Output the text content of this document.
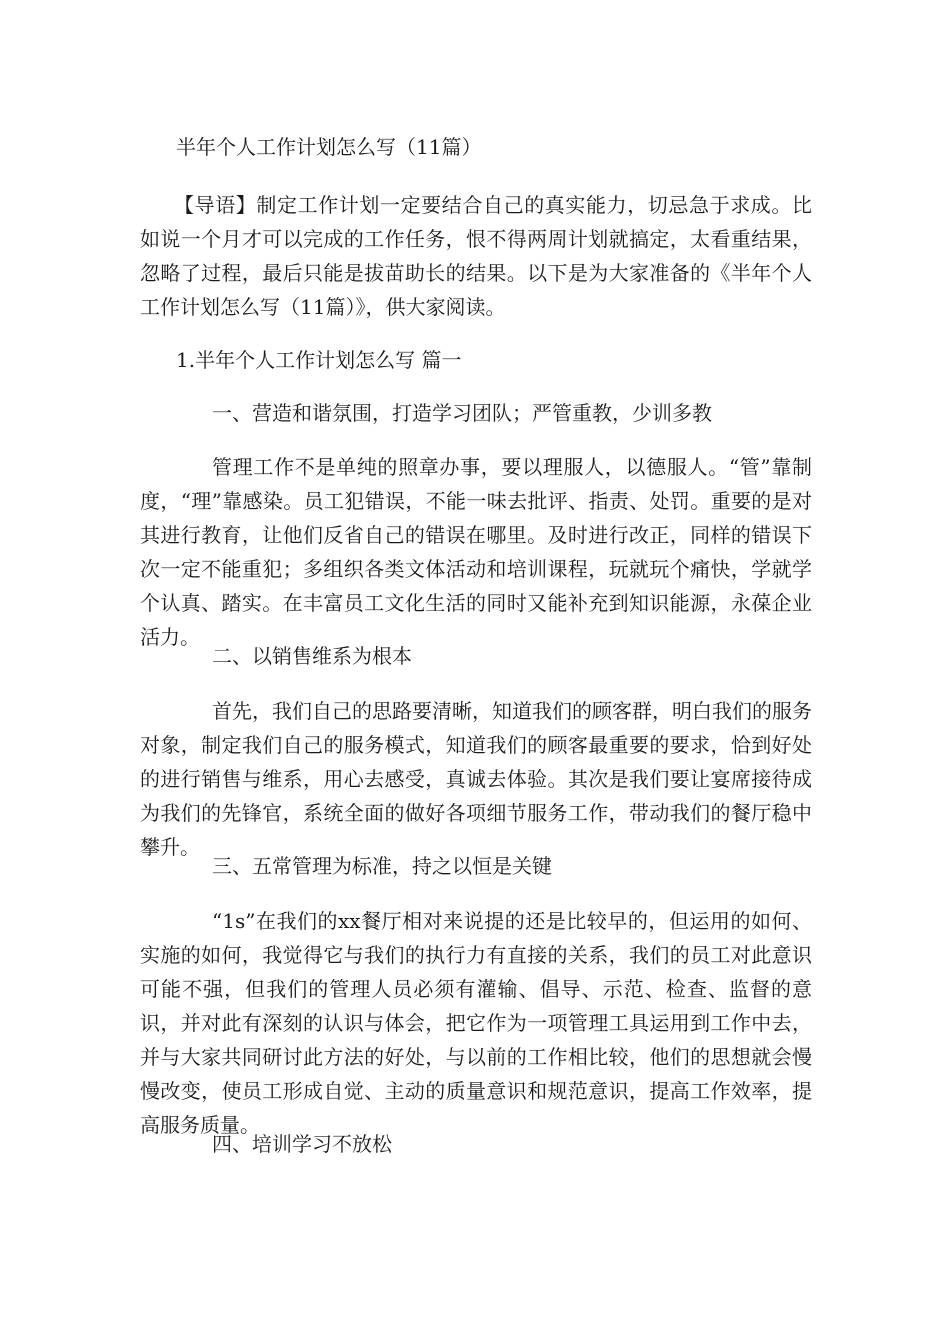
半年个人工作计划怎么写（11篇）
【导语】制定工作计划一定要结合自己的真实能力，切忌急于求成。比如说一个月才可以完成的工作任务，恨不得两周计划就搞定，太看重结果，忽略了过程，最后只能是拔苗助长的结果。以下是为大家准备的《半年个人工作计划怎么写（11篇）》，供大家阅读。
1.半年个人工作计划怎么写 篇一
一、营造和谐氛围，打造学习团队；严管重教，少训多教
管理工作不是单纯的照章办事，要以理服人，以德服人。“管”靠制度，“理”靠感染。员工犯错误，不能一味去批评、指责、处罚。重要的是对其进行教育，让他们反省自己的错误在哪里。及时进行改正，同样的错误下次一定不能重犯；多组织各类文体活动和培训课程，玩就玩个痛快，学就学个认真、踏实。在丰富员工文化生活的同时又能补充到知识能源，永葆企业活力。
二、以销售维系为根本
首先，我们自己的思路要清晰，知道我们的顾客群，明白我们的服务对象，制定我们自己的服务模式，知道我们的顾客最重要的要求，恰到好处的进行销售与维系，用心去感受，真诚去体验。其次是我们要让宴席接待成为我们的先锋官，系统全面的做好各项细节服务工作，带动我们的餐厅稳中攀升。
三、五常管理为标准，持之以恒是关键
“1s”在我们的xx餐厅相对来说提的还是比较早的，但运用的如何、实施的如何，我觉得它与我们的执行力有直接的关系，我们的员工对此意识可能不强，但我们的管理人员必须有灌输、倡导、示范、检查、监督的意识，并对此有深刻的认识与体会，把它作为一项管理工具运用到工作中去，并与大家共同研讨此方法的好处，与以前的工作相比较，他们的思想就会慢慢改变，使员工形成自觉、主动的质量意识和规范意识，提高工作效率，提高服务质量。
四、培训学习不放松
